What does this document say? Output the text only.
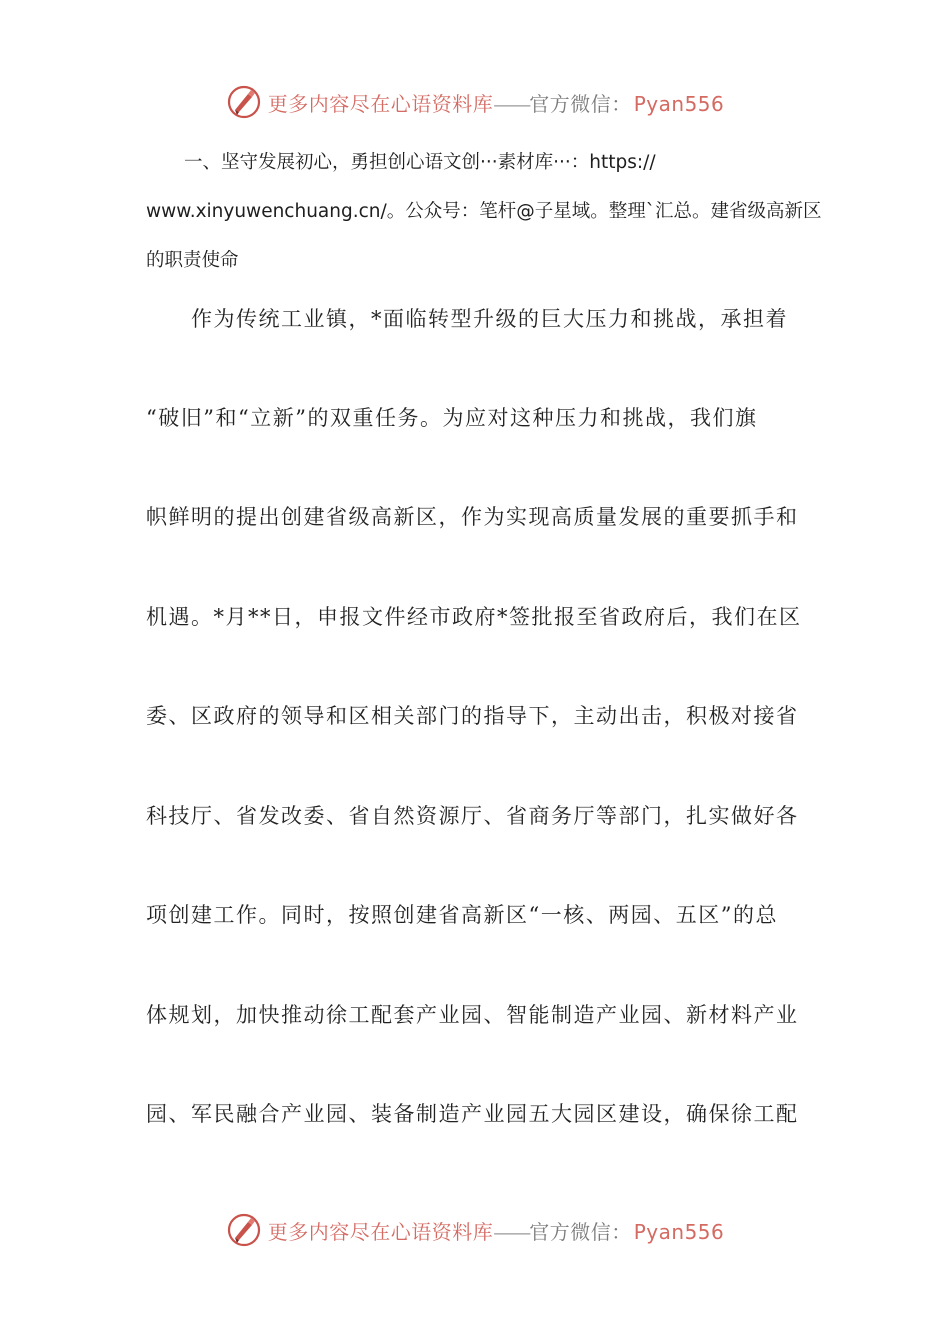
更多内容尽在心语资料库——官方微信： Pyan556
一、坚守发展初心，勇担创心语文创···素材库···：https://
www.xinyuwenchuang.cn/。公众号：笔杆@子星域。整理`汇总。建省级高新区
的职责使命
　　作为传统工业镇，*面临转型升级的巨大压力和挑战，承担着
“破旧”和“立新”的双重任务。为应对这种压力和挑战，我们旗
帜鲜明的提出创建省级高新区，作为实现高质量发展的重要抓手和
机遇。*月**日，申报文件经市政府*签批报至省政府后，我们在区
委、区政府的领导和区相关部门的指导下，主动出击，积极对接省
科技厅、省发改委、省自然资源厅、省商务厅等部门，扎实做好各
项创建工作。同时，按照创建省高新区“一核、两园、五区”的总
体规划，加快推动徐工配套产业园、智能制造产业园、新材料产业
园、军民融合产业园、装备制造产业园五大园区建设，确保徐工配
更多内容尽在心语资料库——官方微信： Pyan556
